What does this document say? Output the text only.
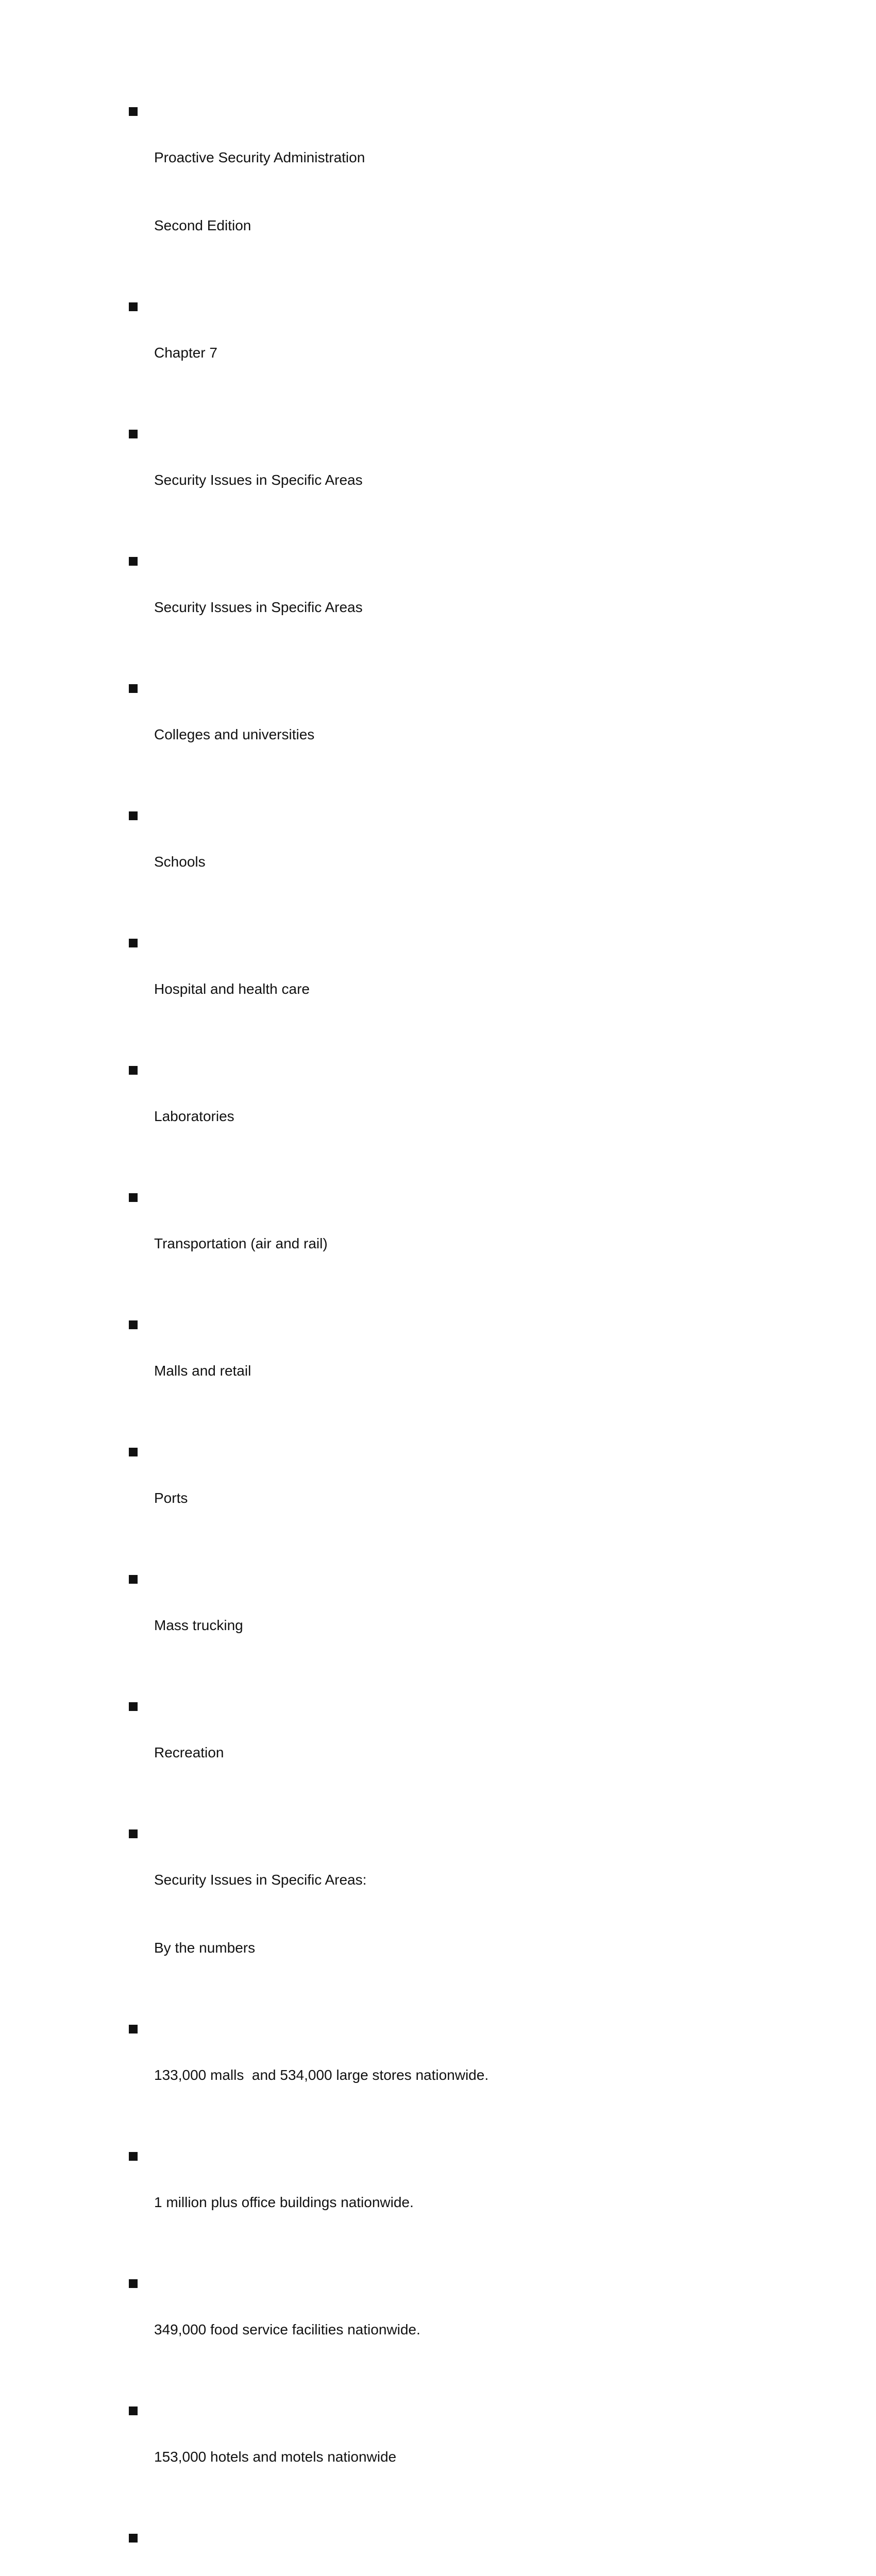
Proactive Security Administration

Second Edition

Chapter 7

Security Issues in Specific Areas

Security Issues in Specific Areas

Colleges and universities

Schools

Hospital and health care

Laboratories

Transportation (air and rail)

Malls and retail

Ports

Mass trucking

Recreation

Security Issues in Specific Areas:

By the numbers

133,000 malls  and 534,000 large stores nationwide.

1 million plus office buildings nationwide.

349,000 food service facilities nationwide.

153,000 hotels and motels nationwide
